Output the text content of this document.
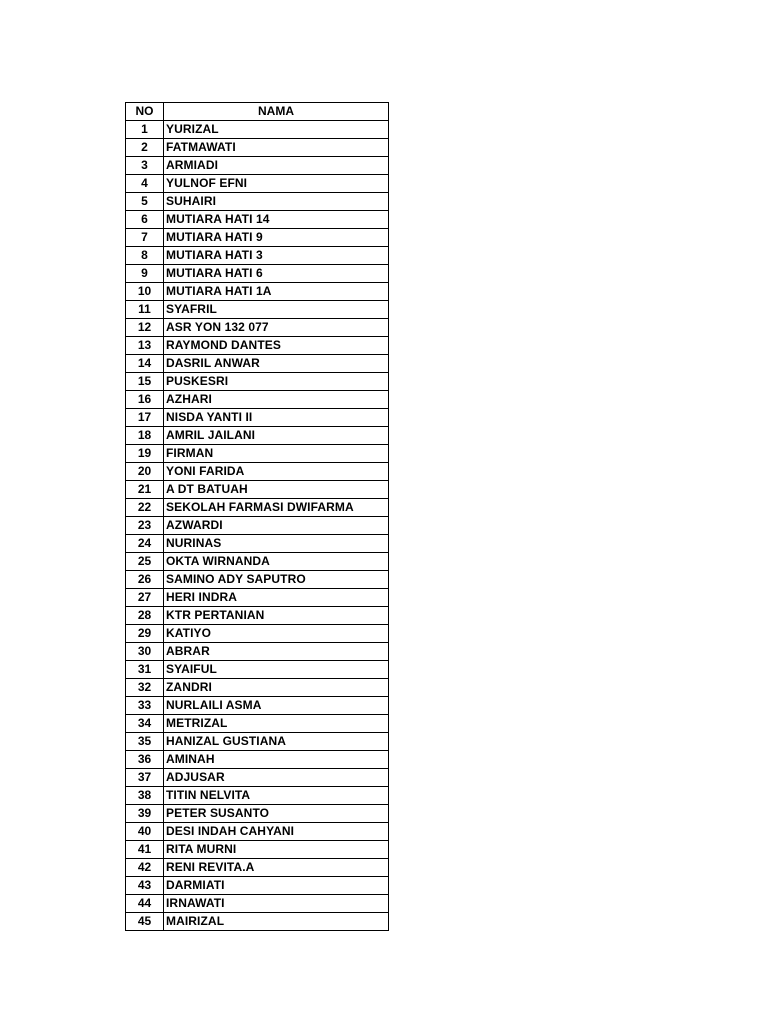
NO	NAMA
1	YURIZAL
2	FATMAWATI
3	ARMIADI
4	YULNOF EFNI
5	SUHAIRI
6	MUTIARA HATI 14
7	MUTIARA HATI 9
8	MUTIARA HATI 3
9	MUTIARA HATI 6
10	MUTIARA HATI 1A
11	SYAFRIL
12	ASR YON 132 077
13	RAYMOND DANTES
14	DASRIL ANWAR
15	PUSKESRI
16	AZHARI
17	NISDA YANTI II
18	AMRIL JAILANI
19	FIRMAN
20	YONI FARIDA
21	A DT BATUAH
22	SEKOLAH FARMASI DWIFARMA
23	AZWARDI
24	NURINAS
25	OKTA WIRNANDA
26	SAMINO ADY SAPUTRO
27	HERI INDRA
28	KTR PERTANIAN
29	KATIYO
30	ABRAR
31	SYAIFUL
32	ZANDRI
33	NURLAILI ASMA
34	METRIZAL
35	HANIZAL GUSTIANA
36	AMINAH
37	ADJUSAR
38	TITIN NELVITA
39	PETER SUSANTO
40	DESI INDAH CAHYANI
41	RITA MURNI
42	RENI REVITA.A
43	DARMIATI
44	IRNAWATI
45	MAIRIZAL
